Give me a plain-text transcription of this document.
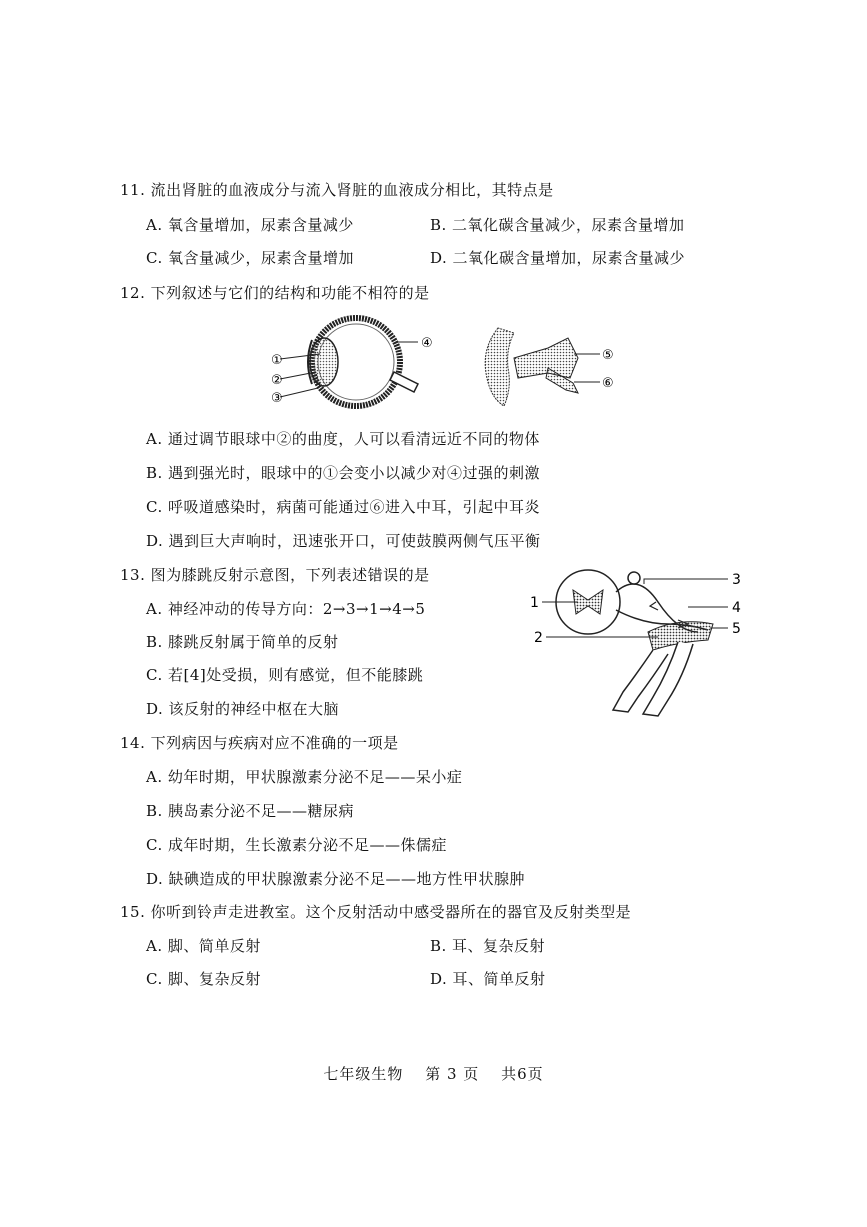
11. 流出肾脏的血液成分与流入肾脏的血液成分相比，其特点是
A. 氧含量增加，尿素含量减少	B. 二氧化碳含量减少，尿素含量增加
C. 氧含量减少，尿素含量增加	D. 二氧化碳含量增加，尿素含量减少
12. 下列叙述与它们的结构和功能不相符的是
①
②
③
④
⑤
⑥
A. 通过调节眼球中②的曲度，人可以看清远近不同的物体
B. 遇到强光时，眼球中的①会变小以减少对④过强的刺激
C. 呼吸道感染时，病菌可能通过⑥进入中耳，引起中耳炎
D. 遇到巨大声响时，迅速张开口，可使鼓膜两侧气压平衡
13. 图为膝跳反射示意图，下列表述错误的是
A. 神经冲动的传导方向：2→3→1→4→5
B. 膝跳反射属于简单的反射
C. 若[4]处受损，则有感觉，但不能膝跳
D. 该反射的神经中枢在大脑
1
2
3
4
5
14. 下列病因与疾病对应不准确的一项是
A. 幼年时期，甲状腺激素分泌不足——呆小症
B. 胰岛素分泌不足——糖尿病
C. 成年时期，生长激素分泌不足——侏儒症
D. 缺碘造成的甲状腺激素分泌不足——地方性甲状腺肿
15. 你听到铃声走进教室。这个反射活动中感受器所在的器官及反射类型是
A. 脚、简单反射	B. 耳、复杂反射
C. 脚、复杂反射	D. 耳、简单反射
七年级生物 第 3 页 共6页
